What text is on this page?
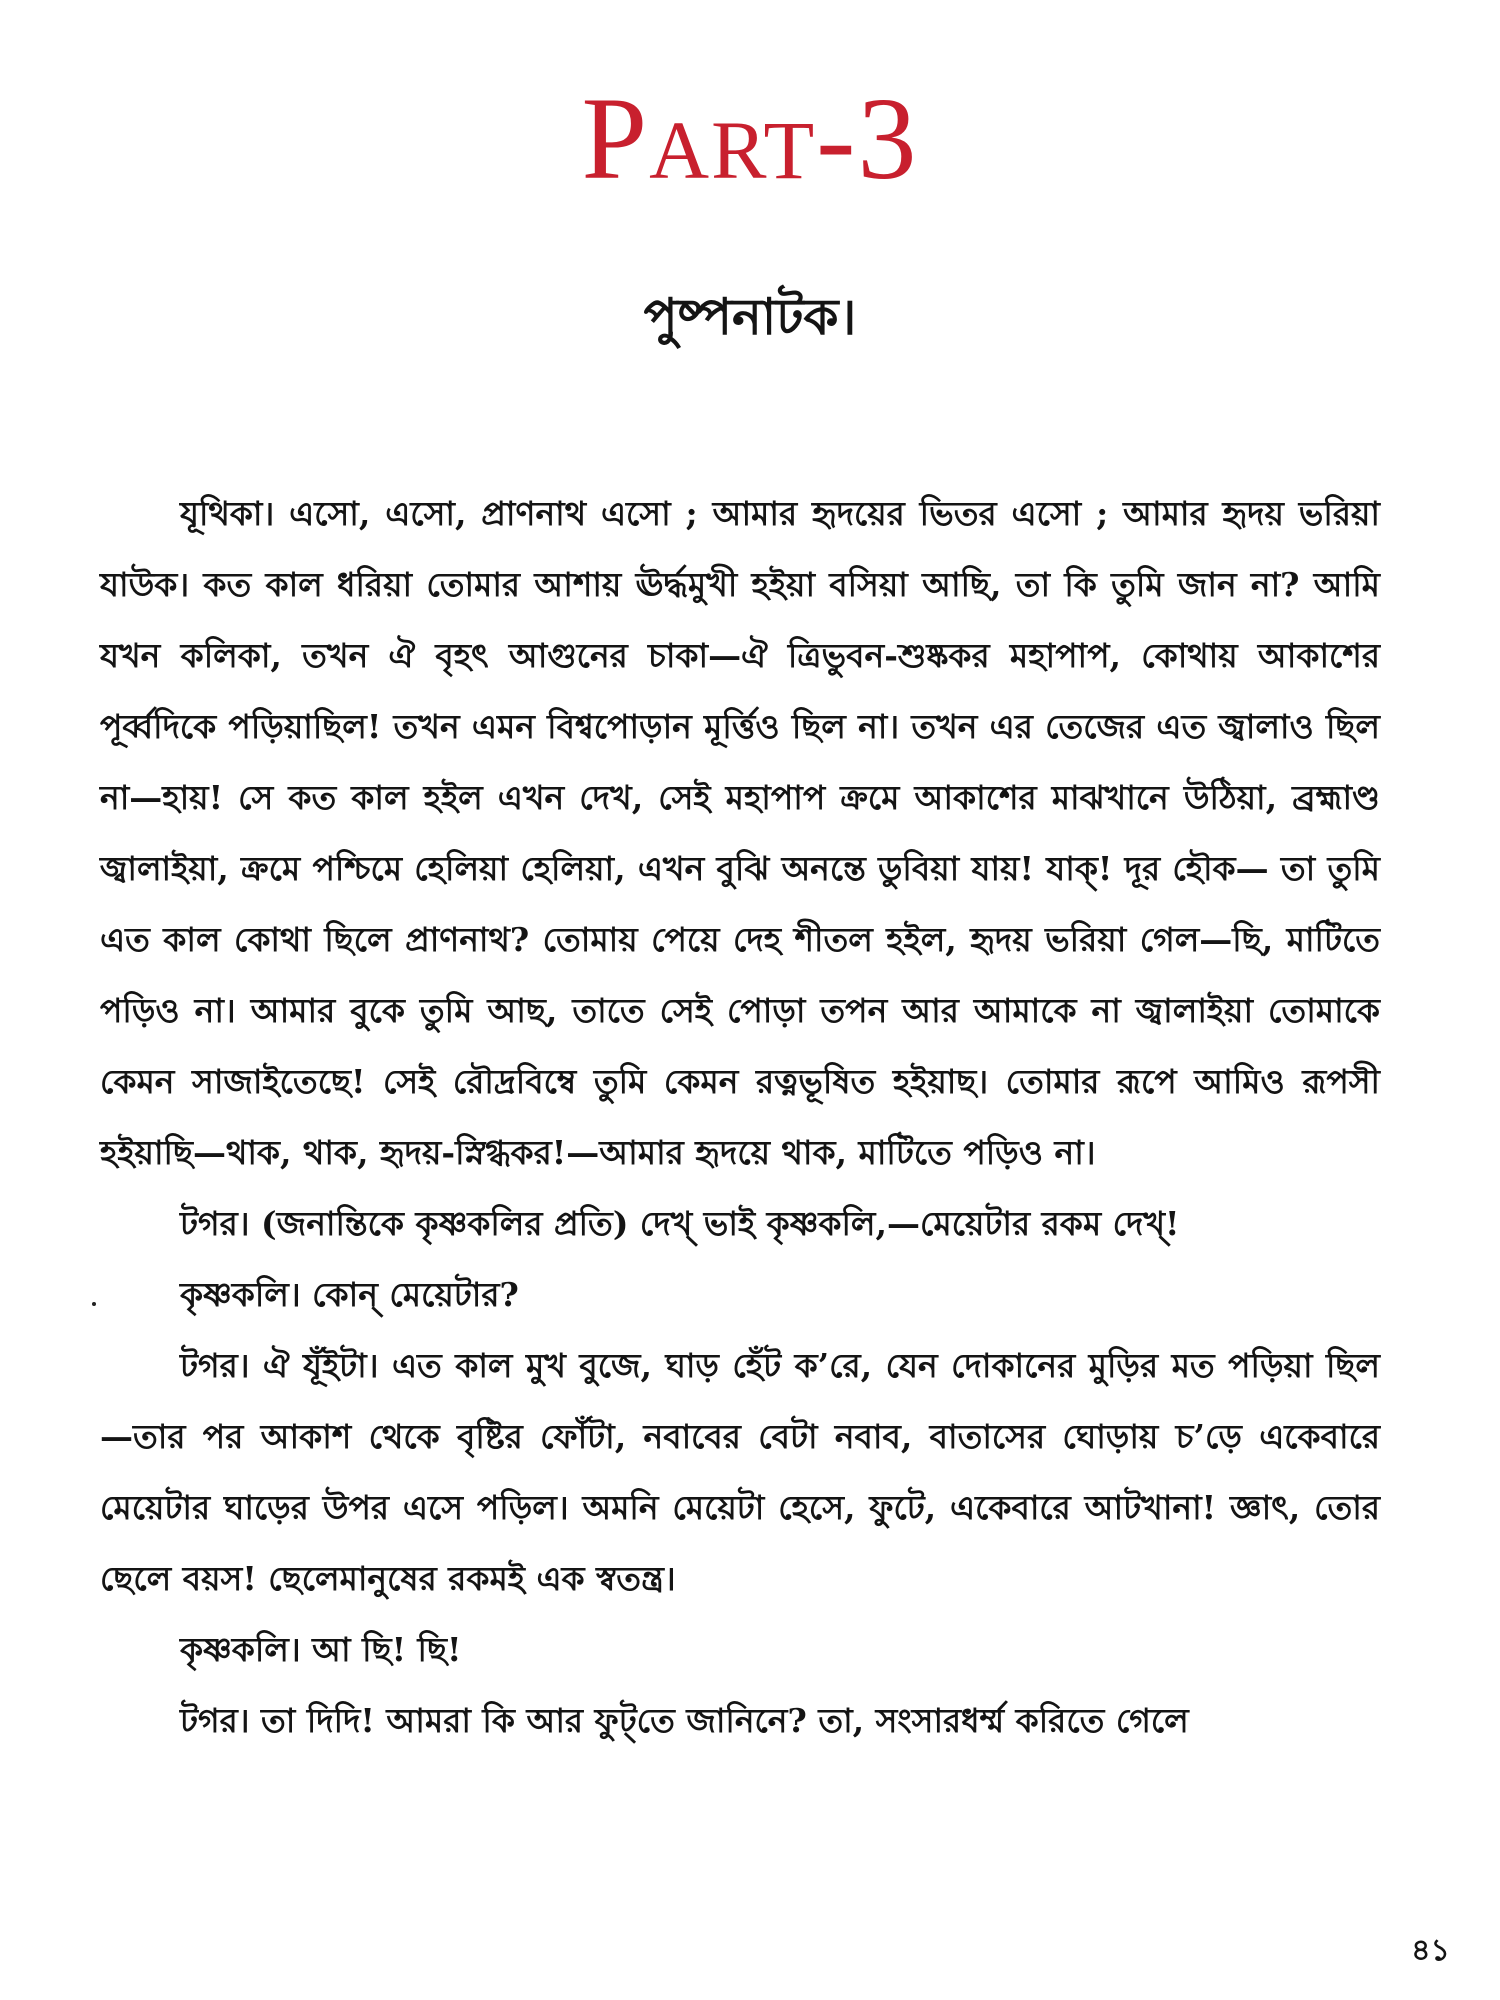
Part-3
পুষ্পনাটক।

যূথিকা। এসো, এসো, প্রাণনাথ এসো ; আমার হৃদয়ের ভিতর এসো ; আমার হৃদয় ভরিয়া যাউক। কত কাল ধরিয়া তোমার আশায় ঊর্দ্ধমুখী হইয়া বসিয়া আছি, তা কি তুমি জান না? আমি যখন কলিকা, তখন ঐ বৃহৎ আগুনের চাকা—ঐ ত্রিভুবন-শুষ্ককর মহাপাপ, কোথায় আকাশের পূর্ব্বদিকে পড়িয়াছিল! তখন এমন বিশ্বপোড়ান মূর্ত্তিও ছিল না। তখন এর তেজের এত জ্বালাও ছিল না—হায়! সে কত কাল হইল এখন দেখ, সেই মহাপাপ ক্রমে আকাশের মাঝখানে উঠিয়া, ব্রহ্মাণ্ড জ্বালাইয়া, ক্রমে পশ্চিমে হেলিয়া হেলিয়া, এখন বুঝি অনন্তে ডুবিয়া যায়! যাক্! দূর হৌক— তা তুমি এত কাল কোথা ছিলে প্রাণনাথ? তোমায় পেয়ে দেহ শীতল হইল, হৃদয় ভরিয়া গেল—ছি, মাটিতে পড়িও না। আমার বুকে তুমি আছ, তাতে সেই পোড়া তপন আর আমাকে না জ্বালাইয়া তোমাকে কেমন সাজাইতেছে! সেই রৌদ্রবিম্বে তুমি কেমন রত্নভূষিত হইয়াছ। তোমার রূপে আমিও রূপসী হইয়াছি—থাক, থাক, হৃদয়-স্নিগ্ধকর!—আমার হৃদয়ে থাক, মাটিতে পড়িও না।

টগর। (জনান্তিকে কৃষ্ণকলির প্রতি) দেখ্ ভাই কৃষ্ণকলি,—মেয়েটার রকম দেখ্!

কৃষ্ণকলি। কোন্ মেয়েটার?

টগর। ঐ যূঁইটা। এত কাল মুখ বুজে, ঘাড় হেঁট ক’রে, যেন দোকানের মুড়ির মত পড়িয়া ছিল—তার পর আকাশ থেকে বৃষ্টির ফোঁটা, নবাবের বেটা নবাব, বাতাসের ঘোড়ায় চ’ড়ে একেবারে মেয়েটার ঘাড়ের উপর এসে পড়িল। অমনি মেয়েটা হেসে, ফুটে, একেবারে আটখানা! জ্ঞাৎ, তোর ছেলে বয়স! ছেলেমানুষের রকমই এক স্বতন্ত্র।

কৃষ্ণকলি। আ ছি! ছি!

টগর। তা দিদি! আমরা কি আর ফুট্‌তে জানিনে? তা, সংসারধর্ম্ম করিতে গেলে

৪১
